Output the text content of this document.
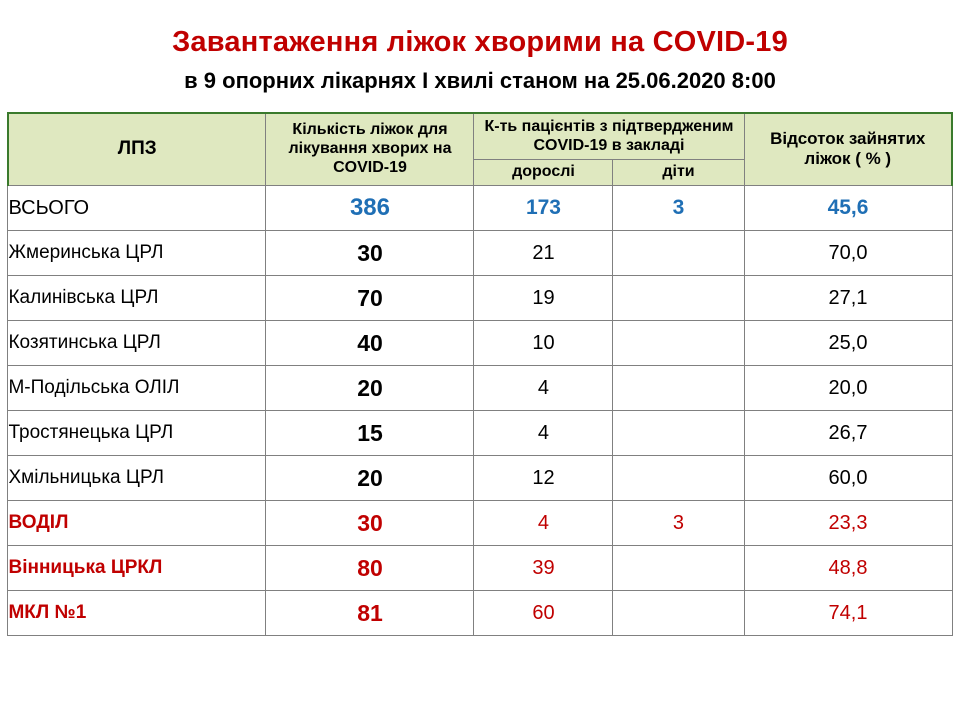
Завантаження ліжок хворими на COVID-19
в 9 опорних лікарнях І хвилі станом на 25.06.2020 8:00
ЛПЗ	Кількість ліжок для лікування хворих на COVID-19	К-ть пацієнтів з підтвердженим COVID-19 в закладі		Відсоток зайнятих ліжок ( % )
		дорослі	діти	
ВСЬОГО	386	173	3	45,6
Жмеринська ЦРЛ	30	21		70,0
Калинівська ЦРЛ	70	19		27,1
Козятинська ЦРЛ	40	10		25,0
М-Подільська ОЛІЛ	20	4		20,0
Тростянецька ЦРЛ	15	4		26,7
Хмільницька ЦРЛ	20	12		60,0
ВОДІЛ	30	4	3	23,3
Вінницька ЦРКЛ	80	39		48,8
МКЛ №1	81	60		74,1
